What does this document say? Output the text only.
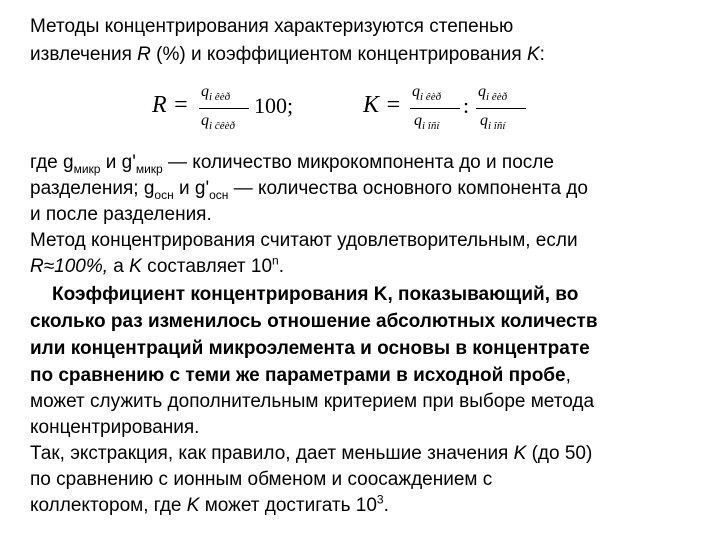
Методы концентрирования характеризуются степенью
извлечения R (%) и коэффициентом концентрирования K:
R =
$q_{i êèð}$
$q_{i ĉêèð}$
100;	K =
$q_{i êèð}$
$q_{i îñí}$
:
$q_{i êèð}$
$q_{i îñí}$
где $g_{микр}$ и $g'_{микр}$ — количество микрокомпонента до и после
разделения; $g_{осн}$ и $g'_{осн}$ — количества основного компонента до
и после разделения.
Метод концентрирования считают удовлетворительным, если
R≈100%, а K составляет 10$^n$.
Коэффициент концентрирования K, показывающий, во
сколько раз изменилось отношение абсолютных количеств
или концентраций микроэлемента и основы в концентрате
по сравнению с теми же параметрами в исходной пробе,
может служить дополнительным критерием при выборе метода
концентрирования.
Так, экстракция, как правило, дает меньшие значения K (до 50)
по сравнению с ионным обменом и соосаждением с
коллектором, где K может достигать $10^3$.
